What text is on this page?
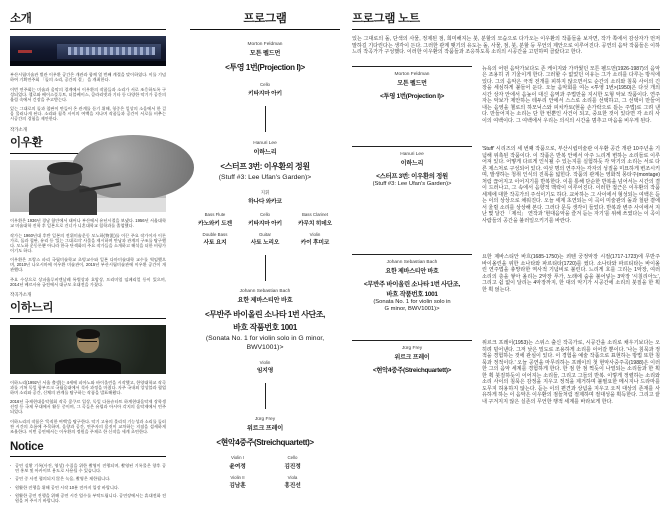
소개

부산시립미술관 별관 이우환 공간은 개관과 함께 열 번째 계절을 맞이하였다. 이를 기념하여 기획연주회 「돌의 소리, 공간의 결」 을 개최한다.

이번 연주회는 미술과 음악의 경계에서 이우환의 작품들과 소리가 서로 조응하도록 구성되었다. 첼로와 베이스플루트, 더블베이스, 클라리넷과 기타 등 다양한 악기가 공간의 울림 속에서 긴장을 주고받는다.

있는 그대로의 돌과 철판이 만들어 온 관계를 듣기 위해, 청중은 일상의 소음에서 한 걸음 물러나게 된다. 소리와 침묵 사이의 여백을 지나며 작품들과 공간이 서로를 비추는 시공간의 경험을 제안한다.

작가소개
이우환

이우환은 1936년 경남 함안에서 태어나 부산에서 유년시절을 보냈다. 1956년 서울대학교 미술대학 진학 후 일본으로 건너가 니혼대학교 철학과를 졸업했다.

작가는 1960년대 후반 일본의 전위미술운동 모노하(物派)를 이끈 주요 작가이자 이론가로, 돌과 철판, 유리 등 '있는 그대로의' 사물을 제시하며 만남과 관계의 구조를 탐구했다. 모노하 운동론뿐 아니라 한국 단색화의 주요 작가들을 소개하고 해석을 더한 비평가이기도 하다.

이우환은 프랑스 파리 국립미술학교 초빙교수와 일본 다마미술대학 교수를 역임했으며, 2010년 나오시마에 이우환 미술관이, 2015년 부산시립미술관에 이우환 공간이 개관했다.

주요 수상으로 상파울루비엔날레 특별상과 호암상, 프리미엄 임페리얼 등이 있으며, 2014년 베르사유 궁전에서 대규모 초대전을 가졌다.

작곡가소개
이하느리

이하느리(1992년 서울 출생)는 4세에 피아노와 바이올린을 시작했고, 한양대학교 작곡과를 거쳐 독일 함부르크 국립음대에서 석사 과정을 마쳤다. 자주 국내외 앙상블과 협업하며 소리와 공간, 신체의 관계를 탐구하는 작품을 발표해왔다.

2016년 국제현대음악협회 작곡 콩쿠르 입상, 독일 다름슈타트 하계현대음악제 장학생 선정 등 국제 무대에서 활동 중이며, 그 곡들은 유럽과 아시아 각지의 음악제에서 연주되었다.

이하느리의 작품은 '묵직한 여백'을 탐구한다. 악기 고유의 물리적 기능성과 소리를 둘러싼 시간의 흐름에 주목하며, 음향과 공간, 연주자의 몸짓이 교차하는 지점을 섬세하게 조율한다. 이번 공연에서는 이우환의 정원을 주제로 한 신작을 세계 초연한다.

Notice
· 공연 실황 기록(사진, 영상) 수집을 위한 촬영이 진행되며, 촬영된 기록물은 향후 공연 홍보 및 아카이브 용도로 사용될 수 있습니다.
· 공연 중 사전 협의되지 않은 녹음, 촬영은 제한됩니다.
· 원활한 진행을 위해 공연 시작 10분 전까지 입장 바랍니다.
· 원활한 공연 진행을 위해 공연 시간 엄수를 부탁드립니다. 공연장에서는 휴대전화 전원을 꺼 주시기 바랍니다.
프로그램
Morton Feldman
모튼 펠드먼
<투영 1번(Projection I)>
Cello
키타지마 아키
Hanuri Lee
이하느리
<스터프 3번: 이우환의 정원
(Stuff #3: Lee Ufan's Garden)>
지휘
하나다 와카코
Bass Flute
카노와키 도겐
Cello
키타지마 아키
Bass Clarinet
카무치 히데오
Double Bass
사토 요지
Guitar
사토 노리오
Violin
카이 후미코
Johann Sebastian Bach
요한 제바스티안 바흐
<무반주 바이올린 소나타 1번 사단조,
바흐 작품번호 1001
(Sonata No. 1 for violin solo in G minor,
BWV1001)>
Violin
임지영
Jürg Frey
위르크 프레이
<현악4중주(Streichquartett)>
Violin I
윤여정
Cello
김진정
Violin II
김남훈
Viola
홍진선
프로그램 노트

있는 그대로의 돌, 단색의 사물, 정제된 점, 희미해지는 붓, 분할의 모습으로 다가오는 이우환의 작품들을 보자면, 작가 쪽에서 감상자가 먼저 말하길 기다린다는 생각이 든다. 그러한 관계 맺기의 유도는 돌, 사물, 점, 붓, 분할 등 무언의 제안으로 이루어진다. 공연의 음악 작품들은 이하느리 작곡가가 구성했다. 이러한 이우환의 작품들과 조응하도록 소리의 시공간을 고민하며 골랐다고 한다.

Morton Feldman
모튼 펠드먼
<투영 1번(Projection I)>

뉴욕의 어떤 음악가보다도 존 케이지와 가까웠던 모튼 펠드먼(1926-1987)의 음악은 조용히 귀 기울이게 한다. 그러할 수 없었던 이유는 그가 소리를 다루는 방식에 있다. 그의 음악은 극적 전개를 피하지 않으면서도 순간의 소리와 침묵 사이의 긴장을 세심하게 붙들어 둔다. 오늘 음악회를 여는 <투영 1번>(1950)은 다섯 개의 시간 상자 안에서 음높이 대신 음역과 주법만을 지시한 도형 악보 작품이다. 연주자는 악보가 제안하는 테두리 안에서 스스로 소리를 선택하고, 그 선택이 만들어 내는 음영을 첼로의 하모닉스와 피치카토(현을 손가락으로 뜯는 주법)로 그려 낸다. 만들어지는 소리는 단 한 번뿐인 사건이 되고, 중요한 것이 있다면 각 소리 사이의 여백이다. 그 여백에서 우리는 의식의 시간을 멈추고 마음을 비우게 된다.

Hanuri Lee
이하느리
<스터프 3번: 이우환의 정원
(Stuff #3: Lee Ufan's Garden)>

'Stuff' 시리즈의 세 번째 작품으로, 부산시립미술관 이우환 공간 개관 10주년을 기념해 위촉된 작품이다. 이 작품은 반복 안에서 아주 느리게 변하는 소리들로 이루어져 있다. 어떻게 다르게 인식될 수 있는지를 실험하듯 각 악기의 소리는 서로 다른 제스처로 구성되어 있다. 여섯 명의 연주자는 각자의 성질을 미묘하게 변조시키며, 발생하는 청취 인식의 진폭을 넓힌다. 작품의 관계는 영화적 몽타주(montage)처럼 끊어지고 이어지기를 반복한다. 이를 통해 단순한 반복을 넘어서는 시간의 결이 드러나고, 그 속에서 음향적 맥락이 이루어진다. 이러한 접근은 이우환의 작품 세계에 대한 작곡가의 주석이기도 하다. 교차하는 그 사이에서 형성되는 여백은 듣는 이의 상상으로 채워진다. 오늘 세계 초연되는 이 곡이 미술관의 돌과 철판 곁에서 울릴 소리를 상상해 본다. 그러다 문득 생각이 들었다. 반복과 변주 사이에서 지난 몇 달간 「제석」 연작과 '현대음악을 즐겨 듣는 자기'를 위해 쓰였다는 이 곡이 사람들의 공간을 불러일으키기를 바란다.

Johann Sebastian Bach
요한 제바스티안 바흐
<무반주 바이올린 소나타 1번 사단조,
바흐 작품번호 1001
(Sonata No. 1 for violin solo in
G minor, BWV1001)>

요한 제바스티안 바흐(1685-1750)는 쾨텐 궁정악장 시절(1717-1723)에 무반주 바이올린을 위한 소나타와 파르티타(1720)를 썼다. 소나타와 파르티타는 바이올린 연주법을 총망라한 역사적 기념비로 불린다. 느리게 호를 그리는 1악장, 여러 소리의 층을 쌓아 올리는 2악장 푸가, 노래에 숨을 불어넣는 3악장 '시칠리아노', 그리고 쉼 없이 달리는 4악장까지, 한 대의 악기가 시공간에 소리의 붓질을 한 획 한 획 얹는다.

Jürg Frey
위르크 프레이
<현악4중주(Streichquartett)>

위르크 프레이(1953)는 스위스 출신 작곡가로, 시공간을 소리로 채우기보다는 오히려 덜어낸다. 그저 낮은 밀도로 조용하게 소리를 이어갈 뿐이다. '나는 침묵과 정적을 경험하는 것에 관심이 있다. 이 경험을 예술 작품으로 표현하는 방법 또한 침묵과 정적이다.' 오늘 공연을 마무리하는 프레이의 첫 현악사중주곡(1988)은 이러한 그의 음악 세계를 경험하게 한다. 한 점 한 점 찍듯이 나열되는 소리들과 한 획 한 획 붓질하듯이 이어지는 소리들, 그리고 그들의 반복. 이렇게 정렬하는 소리와 소리 사이의 침묵은 감정을 지우고 정적을 제거하며 불필요한 메시지나 드라마를 도무지 허용하지 않는다. 듣는 이의 편견과 상념을 지우고 오직 대상의 존재를 사유하게 하는 이 음악은 이우환의 점들처럼 절제하며 절대성을 획득한다. 그리고 끝내 구겨지지 않은 실존의 무언한 행적 세계를 바라보게 한다.
